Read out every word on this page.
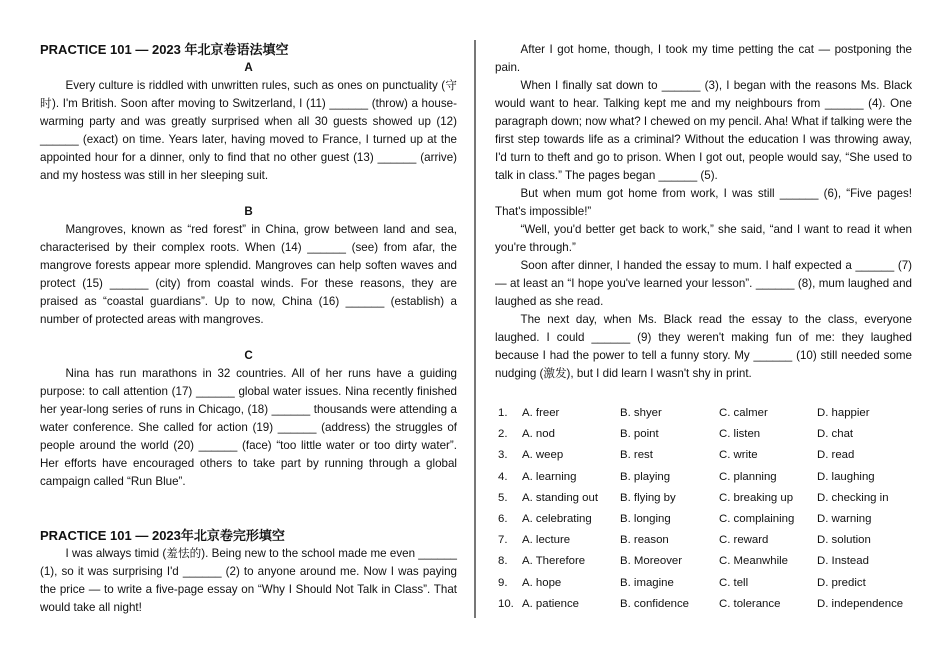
PRACTICE 101 — 2023 年北京卷语法填空
A

Every culture is riddled with unwritten rules, such as ones on punctuality (守时). I'm British. Soon after moving to Switzerland, I (11) ______ (throw) a house-warming party and was greatly surprised when all 30 guests showed up (12) ______ (exact) on time. Years later, having moved to France, I turned up at the appointed hour for a dinner, only to find that no other guest (13) ______ (arrive) and my hostess was still in her sleeping suit.

B

Mangroves, known as “red forest” in China, grow between land and sea, characterised by their complex roots. When (14) ______ (see) from afar, the mangrove forests appear more splendid. Mangroves can help soften waves and protect (15) ______ (city) from coastal winds. For these reasons, they are praised as “coastal guardians”. Up to now, China (16) ______ (establish) a number of protected areas with mangroves.

C

Nina has run marathons in 32 countries. All of her runs have a guiding purpose: to call attention (17) ______ global water issues. Nina recently finished her year-long series of runs in Chicago, (18) ______ thousands were attending a water conference. She called for action (19) ______ (address) the struggles of people around the world (20) ______ (face) “too little water or too dirty water”. Her efforts have encouraged others to take part by running through a global campaign called “Run Blue”.

PRACTICE 101 — 2023年北京卷完形填空

I was always timid (羞怯的). Being new to the school made me even ______ (1), so it was surprising I'd ______ (2) to anyone around me. Now I was paying the price — to write a five-page essay on “Why I Should Not Talk in Class”. That would take all night!

After I got home, though, I took my time petting the cat — postponing the pain.

When I finally sat down to ______ (3), I began with the reasons Ms. Black would want to hear. Talking kept me and my neighbours from ______ (4). One paragraph down; now what? I chewed on my pencil. Aha! What if talking were the first step towards life as a criminal? Without the education I was throwing away, I'd turn to theft and go to prison. When I got out, people would say, “She used to talk in class.” The pages began ______ (5).

But when mum got home from work, I was still ______ (6), “Five pages! That's impossible!”

“Well, you'd better get back to work,” she said, “and I want to read it when you're through.”

Soon after dinner, I handed the essay to mum. I half expected a ______ (7) — at least an “I hope you've learned your lesson”. ______ (8), mum laughed and laughed as she read.

The next day, when Ms. Black read the essay to the class, everyone laughed. I could ______ (9) they weren't making fun of me: they laughed because I had the power to tell a funny story. My ______ (10) still needed some nudging (激发), but I did learn I wasn't shy in print.

1.	A. freer	B. shyer	C. calmer	D. happier
2.	A. nod	B. point	C. listen	D. chat
3.	A. weep	B. rest	C. write	D. read
4.	A. learning	B. playing	C. planning	D. laughing
5.	A. standing out	B. flying by	C. breaking up	D. checking in
6.	A. celebrating	B. longing	C. complaining	D. warning
7.	A. lecture	B. reason	C. reward	D. solution
8.	A. Therefore	B. Moreover	C. Meanwhile	D. Instead
9.	A. hope	B. imagine	C. tell	D. predict
10. A. patience	B. confidence	C. tolerance	D. independence
